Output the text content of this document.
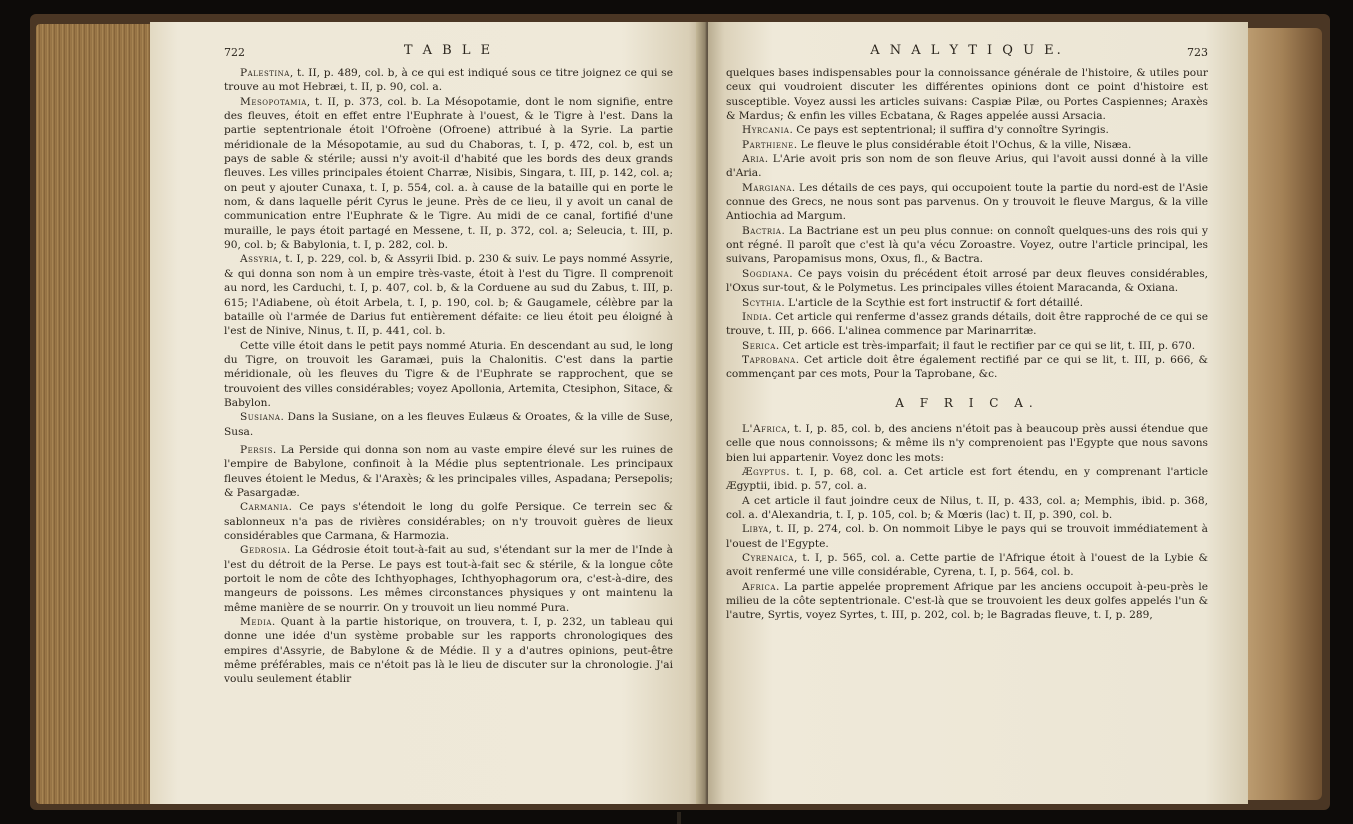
722	T A B L E

Palestina, t. II, p. 489, col. b, à ce qui est indiqué sous ce titre joignez ce qui se trouve au mot Hebræi, t. II, p. 90, col. a.

Mesopotamia, t. II, p. 373, col. b. La Mésopotamie, dont le nom signifie, entre des fleuves, étoit en effet entre l'Euphrate à l'ouest, & le Tigre à l'est. Dans la partie septentrionale étoit l'Ofroène (Ofroene) attribué à la Syrie. La partie méridionale de la Mésopotamie, au sud du Chaboras, t. I, p. 472, col. b, est un pays de sable & stérile; aussi n'y avoit-il d'habité que les bords des deux grands fleuves. Les villes principales étoient Charræ, Nisibis, Singara, t. III, p. 142, col. a; on peut y ajouter Cunaxa, t. I, p. 554, col. a. à cause de la bataille qui en porte le nom, & dans laquelle périt Cyrus le jeune. Près de ce lieu, il y avoit un canal de communication entre l'Euphrate & le Tigre. Au midi de ce canal, fortifié d'une muraille, le pays étoit partagé en Messene, t. II, p. 372, col. a; Seleucia, t. III, p. 90, col. b; & Babylonia, t. I, p. 282, col. b.

Assyria, t. I, p. 229, col. b, & Assyrii Ibid. p. 230 & suiv. Le pays nommé Assyrie, & qui donna son nom à un empire très-vaste, étoit à l'est du Tigre. Il comprenoit au nord, les Carduchi, t. I, p. 407, col. b, & la Corduene au sud du Zabus, t. III, p. 615; l'Adiabene, où étoit Arbela, t. I, p. 190, col. b; & Gaugamele, célèbre par la bataille où l'armée de Darius fut entièrement défaite: ce lieu étoit peu éloigné à l'est de Ninive, Ninus, t. II, p. 441, col. b.

Cette ville étoit dans le petit pays nommé Aturia. En descendant au sud, le long du Tigre, on trouvoit les Garamæi, puis la Chalonitis. C'est dans la partie méridionale, où les fleuves du Tigre & de l'Euphrate se rapprochent, que se trouvoient des villes considérables; voyez Apollonia, Artemita, Ctesiphon, Sitace, & Babylon.

Susiana. Dans la Susiane, on a les fleuves Eulæus & Oroates, & la ville de Suse, Susa.

Persis. La Perside qui donna son nom au vaste empire élevé sur les ruines de l'empire de Babylone, confinoit à la Médie plus septentrionale. Les principaux fleuves étoient le Medus, & l'Araxès; & les principales villes, Aspadana; Persepolis; & Pasargadæ.

Carmania. Ce pays s'étendoit le long du golfe Persique. Ce terrein sec & sablonneux n'a pas de rivières considérables; on n'y trouvoit guères de lieux considérables que Carmana, & Harmozia.

Gedrosia. La Gédrosie étoit tout-à-fait au sud, s'étendant sur la mer de l'Inde à l'est du détroit de la Perse. Le pays est tout-à-fait sec & stérile, & la longue côte portoit le nom de côte des Ichthyophages, Ichthyophagorum ora, c'est-à-dire, des mangeurs de poissons. Les mêmes circonstances physiques y ont maintenu la même manière de se nourrir. On y trouvoit un lieu nommé Pura.

Media. Quant à la partie historique, on trouvera, t. I, p. 232, un tableau qui donne une idée d'un système probable sur les rapports chronologiques des empires d'Assyrie, de Babylone & de Médie. Il y a d'autres opinions, peut-être même préférables, mais ce n'étoit pas là le lieu de discuter sur la chronologie. J'ai voulu seulement établir

A N A L Y T I Q U E.	723

quelques bases indispensables pour la connoissance générale de l'histoire, & utiles pour ceux qui voudroient discuter les différentes opinions dont ce point d'histoire est susceptible. Voyez aussi les articles suivans: Caspiæ Pilæ, ou Portes Caspiennes; Araxès & Mardus; & enfin les villes Ecbatana, & Rages appelée aussi Arsacia.

Hyrcania. Ce pays est septentrional; il suffira d'y connoître Syringis.

Parthiene. Le fleuve le plus considérable étoit l'Ochus, & la ville, Nisæa.

Aria. L'Arie avoit pris son nom de son fleuve Arius, qui l'avoit aussi donné à la ville d'Aria.

Margiana. Les détails de ces pays, qui occupoient toute la partie du nord-est de l'Asie connue des Grecs, ne nous sont pas parvenus. On y trouvoit le fleuve Margus, & la ville Antiochia ad Margum.

Bactria. La Bactriane est un peu plus connue: on connoît quelques-uns des rois qui y ont régné. Il paroît que c'est là qu'a vécu Zoroastre. Voyez, outre l'article principal, les suivans, Paropamisus mons, Oxus, fl., & Bactra.

Sogdiana. Ce pays voisin du précédent étoit arrosé par deux fleuves considérables, l'Oxus sur-tout, & le Polymetus. Les principales villes étoient Maracanda, & Oxiana.

Scythia. L'article de la Scythie est fort instructif & fort détaillé.

India. Cet article qui renferme d'assez grands détails, doit être rapproché de ce qui se trouve, t. III, p. 666. L'alinea commence par Marinarritæ.

Serica. Cet article est très-imparfait; il faut le rectifier par ce qui se lit, t. III, p. 670.

Taprobana. Cet article doit être également rectifié par ce qui se lit, t. III, p. 666, & commençant par ces mots, Pour la Taprobane, &c.

A F R I C A.

L'Africa, t. I, p. 85, col. b, des anciens n'étoit pas à beaucoup près aussi étendue que celle que nous connoissons; & même ils n'y comprenoient pas l'Egypte que nous savons bien lui appartenir. Voyez donc les mots:

Ægyptus. t. I, p. 68, col. a. Cet article est fort étendu, en y comprenant l'article Ægyptii, ibid. p. 57, col. a.

A cet article il faut joindre ceux de Nilus, t. II, p. 433, col. a; Memphis, ibid. p. 368, col. a. d'Alexandria, t. I, p. 105, col. b; & Mœris (lac) t. II, p. 390, col. b.

Libya, t. II, p. 274, col. b. On nommoit Libye le pays qui se trouvoit immédiatement à l'ouest de l'Egypte.

Cyrenaica, t. I, p. 565, col. a. Cette partie de l'Afrique étoit à l'ouest de la Lybie & avoit renfermé une ville considérable, Cyrena, t. I, p. 564, col. b.

Africa. La partie appelée proprement Afrique par les anciens occupoit à-peu-près le milieu de la côte septentrionale. C'est-là que se trouvoient les deux golfes appelés l'un & l'autre, Syrtis, voyez Syrtes, t. III, p. 202, col. b; le Bagradas fleuve, t. I, p. 289,
